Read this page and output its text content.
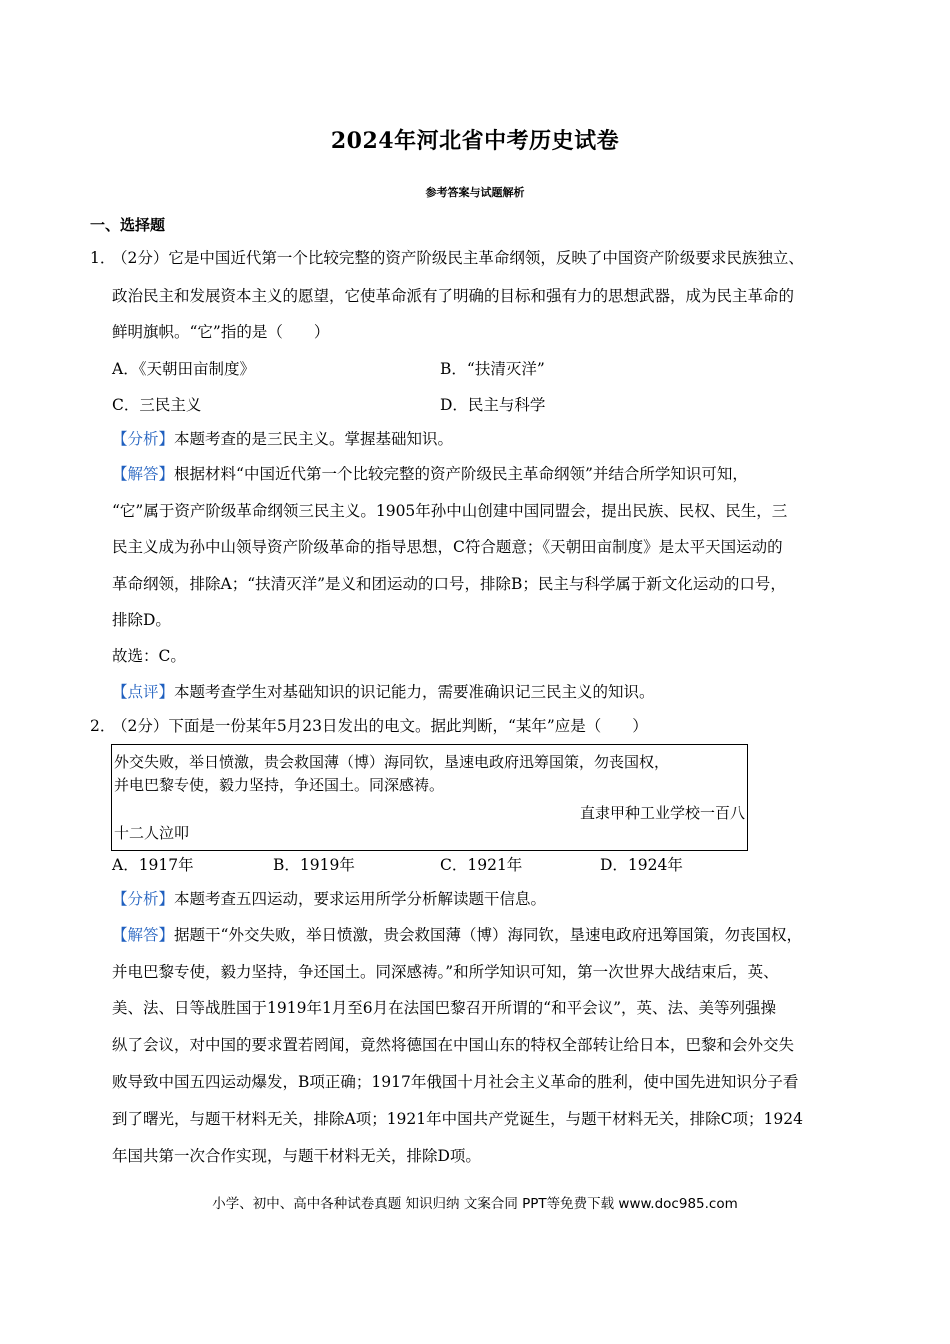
2024年河北省中考历史试卷
参考答案与试题解析
一、选择题
1．
（2分）它是中国近代第一个比较完整的资产阶级民主革命纲领，反映了中国资产阶级要求民族独立、
政治民主和发展资本主义的愿望，它使革命派有了明确的目标和强有力的思想武器，成为民主革命的
鲜明旗帜。“它”指的是（　　）
A．《天朝田亩制度》	B．“扶清灭洋”
C．三民主义	D．民主与科学
【分析】本题考查的是三民主义。掌握基础知识。
【解答】根据材料“中国近代第一个比较完整的资产阶级民主革命纲领”并结合所学知识可知，
“它”属于资产阶级革命纲领三民主义。1905年孙中山创建中国同盟会，提出民族、民权、民生，三
民主义成为孙中山领导资产阶级革命的指导思想，C符合题意；《天朝田亩制度》是太平天国运动的
革命纲领，排除A；“扶清灭洋”是义和团运动的口号，排除B；民主与科学属于新文化运动的口号，
排除D。
故选：C。
【点评】本题考查学生对基础知识的识记能力，需要准确识记三民主义的知识。
2．
（2分）下面是一份某年5月23日发出的电文。据此判断，“某年”应是（　　）
外交失败，举日愤激，贵会救国薄（博）海同钦，垦速电政府迅筹国策，勿丧国权，
并电巴黎专使，毅力坚持，争还国土。同深感祷。
直隶甲种工业学校一百八
十二人泣叩
A．1917年	B．1919年	C．1921年	D．1924年
【分析】本题考查五四运动，要求运用所学分析解读题干信息。
【解答】据题干“外交失败，举日愤激，贵会救国薄（博）海同钦，垦速电政府迅筹国策，勿丧国权，
并电巴黎专使，毅力坚持，争还国土。同深感祷。”和所学知识可知，第一次世界大战结束后，英、
美、法、日等战胜国于1919年1月至6月在法国巴黎召开所谓的“和平会议”，英、法、美等列强操
纵了会议，对中国的要求置若罔闻，竟然将德国在中国山东的特权全部转让给日本，巴黎和会外交失
败导致中国五四运动爆发，B项正确；1917年俄国十月社会主义革命的胜利，使中国先进知识分子看
到了曙光，与题干材料无关，排除A项；1921年中国共产党诞生，与题干材料无关，排除C项；1924
年国共第一次合作实现，与题干材料无关，排除D项。
小学、初中、高中各种试卷真题 知识归纳 文案合同 PPT等免费下载 www.doc985.com
